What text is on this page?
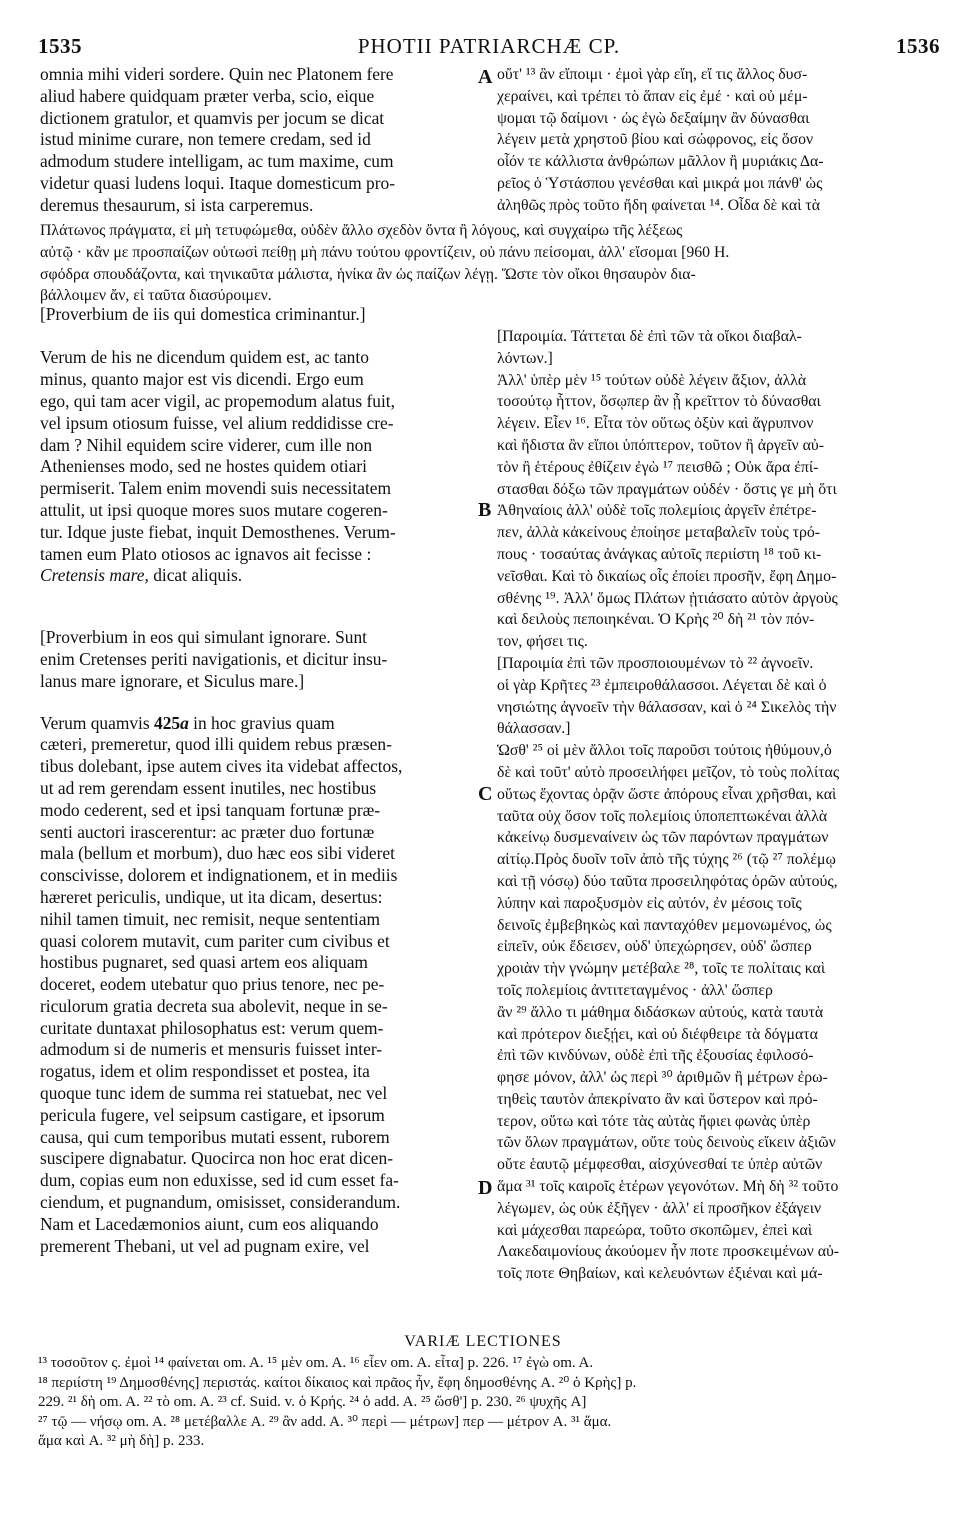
1535	PHOTII PATRIARCHÆ CP.	1536
omnia mihi videri sordere. Quin nec Platonem fere
aliud habere quidquam præter verba, scio, eique
dictionem gratulor, et quamvis per jocum se dicat
istud minime curare, non temere credam, sed id
admodum studere intelligam, ac tum maxime, cum
videtur quasi ludens loqui. Itaque domesticum pro-
deremus thesaurum, si ista carperemus.
[Proverbium de iis qui domestica criminantur.]
Verum de his ne dicendum quidem est, ac tanto
minus, quanto major est vis dicendi. Ergo eum
ego, qui tam acer vigil, ac propemodum alatus fuit,
vel ipsum otiosum fuisse, vel alium reddidisse cre-
dam ? Nihil equidem scire viderer, cum ille non
Athenienses modo, sed ne hostes quidem otiari
permiserit. Talem enim movendi suis necessitatem
attulit, ut ipsi quoque mores suos mutare cogeren-
tur. Idque juste fiebat, inquit Demosthenes. Verum-
tamen eum Plato otiosos ac ignavos ait fecisse :
Cretensis mare, dicat aliquis.
[Proverbium in eos qui simulant ignorare. Sunt
enim Cretenses periti navigationis, et dicitur insu-
lanus mare ignorare, et Siculus mare.]
Verum quamvis 425a in hoc gravius quam
cæteri, premeretur, quod illi quidem rebus præsen-
tibus dolebant, ipse autem cives ita videbat affectos,
ut ad rem gerendam essent inutiles, nec hostibus
modo cederent, sed et ipsi tanquam fortunæ præ-
senti auctori irascerentur: ac præter duo fortunæ
mala (bellum et morbum), duo hæc eos sibi videret
conscivisse, dolorem et indignationem, et in mediis
hæreret periculis, undique, ut ita dicam, desertus:
nihil tamen timuit, nec remisit, neque sententiam
quasi colorem mutavit, cum pariter cum civibus et
hostibus pugnaret, sed quasi artem eos aliquam
doceret, eodem utebatur quo prius tenore, nec pe-
riculorum gratia decreta sua abolevit, neque in se-
curitate duntaxat philosophatus est: verum quem-
admodum si de numeris et mensuris fuisset inter-
rogatus, idem et olim respondisset et postea, ita
quoque tunc idem de summa rei statuebat, nec vel
pericula fugere, vel seipsum castigare, et ipsorum
causa, qui cum temporibus mutati essent, ruborem
suscipere dignabatur. Quocirca non hoc erat dicen-
dum, copias eum non eduxisse, sed id cum esset fa-
ciendum, et pugnandum, omisisset, considerandum.
Nam et Lacedæmonios aiunt, cum eos aliquando
premerent Thebani, ut vel ad pugnam exire, vel
οὔτ' ¹³ ἂν εἴποιμι · ἐμοὶ γὰρ εἴη, εἴ τις ἄλλος δυσ-
χεραίνει, καὶ τρέπει τὸ ἅπαν εἰς ἐμέ · καὶ οὐ μέμ-
ψομαι τῷ δαίμονι · ὡς ἐγὼ δεξαίμην ἂν δύνασθαι
λέγειν μετὰ χρηστοῦ βίου καὶ σώφρονος, εἰς ὅσον
οἷόν τε κάλλιστα ἀνθρώπων μᾶλλον ἢ μυριάκις Δα-
ρεῖος ὁ Ὑστάσπου γενέσθαι καὶ μικρά μοι πάνθ' ὡς
ἀληθῶς πρὸς τοῦτο ἤδη φαίνεται ¹⁴. Οἶδα δὲ καὶ τὰ
Πλάτωνος πράγματα, εἰ μὴ τετυφώμεθα, οὐδὲν ἄλλο σχεδὸν ὄντα ἢ λόγους, καὶ συγχαίρω τῆς λέξεως
αὐτῷ · κἂν με προσπαίζων οὑτωσὶ πείθῃ μὴ πάνυ τούτου φροντίζειν, οὐ πάνυ πείσομαι, ἀλλ' εἴσομαι [960 H.
σφόδρα σπουδάζοντα, καὶ τηνικαῦτα μάλιστα, ἡνίκα ἂν ὡς παίζων λέγῃ. Ὥστε τὸν οἴκοι θησαυρὸν δια-
βάλλοιμεν ἄν, εἰ ταῦτα διασύροιμεν.
[Παροιμία. Τάττεται δὲ ἐπὶ τῶν τὰ οἴκοι διαβαλ-
λόντων.]
Ἀλλ' ὑπὲρ μὲν ¹⁵ τούτων οὐδὲ λέγειν ἄξιον, ἀλλὰ
τοσούτῳ ἧττον, ὅσῳπερ ἂν ᾖ κρεῖττον τὸ δύνασθαι
λέγειν. Εἶεν ¹⁶. Εἶτα τὸν οὕτως ὀξὺν καὶ ἄγρυπνον
καὶ ἥδιστα ἂν εἴποι ὑπόπτερον, τοῦτον ἢ ἀργεῖν αὐ-
τὸν ἢ ἑτέρους ἐθίζειν ἐγὼ ¹⁷ πεισθῶ ; Οὐκ ἄρα ἐπί-
στασθαι δόξω τῶν πραγμάτων οὐδέν · ὅστις γε μὴ ὅτι
Ἀθηναίοις ἀλλ' οὐδὲ τοῖς πολεμίοις ἀργεῖν ἐπέτρε-
πεν, ἀλλὰ κἀκείνους ἐποίησε μεταβαλεῖν τοὺς τρό-
πους · τοσαύτας ἀνάγκας αὐτοῖς περιίστη ¹⁸ τοῦ κι-
νεῖσθαι. Καὶ τὸ δικαίως οἷς ἐποίει προσῆν, ἔφη Δημο-
σθένης ¹⁹. Ἀλλ' ὅμως Πλάτων ᾐτιάσατο αὐτὸν ἀργοὺς
καὶ δειλοὺς πεποιηκέναι. Ὁ Κρὴς ²⁰ δὴ ²¹ τὸν πόν-
τον, φήσει τις.
[Παροιμία ἐπὶ τῶν προσποιουμένων τὸ ²² ἀγνοεῖν.
οἱ γὰρ Κρῆτες ²³ ἐμπειροθάλασσοι. Λέγεται δὲ καὶ ὁ
νησιώτης ἀγνοεῖν τὴν θάλασσαν, καὶ ὁ ²⁴ Σικελὸς τὴν
θάλασσαν.]
Ὡσθ' ²⁵ οἱ μὲν ἄλλοι τοῖς παροῦσι τούτοις ἠθύμουν,ὁ
δὲ καὶ τοῦτ' αὐτὸ προσειλήφει μεῖζον, τὸ τοὺς πολίτας
οὕτως ἔχοντας ὁρᾷν ὥστε ἀπόρους εἶναι χρῆσθαι, καὶ
ταῦτα οὐχ ὅσον τοῖς πολεμίοις ὑποπεπτωκέναι ἀλλὰ
κἀκείνῳ δυσμεναίνειν ὡς τῶν παρόντων πραγμάτων
αἰτίῳ.Πρὸς δυοῖν τοῖν ἀπὸ τῆς τύχης ²⁶ (τῷ ²⁷ πολέμῳ
καὶ τῇ νόσῳ) δύο ταῦτα προσειληφότας ὁρῶν αὐτούς,
λύπην καὶ παροξυσμὸν εἰς αὐτόν, ἐν μέσοις τοῖς
δεινοῖς ἐμβεβηκὼς καὶ πανταχόθεν μεμονωμένος, ὡς
εἰπεῖν, οὐκ ἔδεισεν, οὐδ' ὑπεχώρησεν, οὐδ' ὥσπερ
χροιὰν τὴν γνώμην μετέβαλε ²⁸, τοῖς τε πολίταις καὶ
τοῖς πολεμίοις ἀντιτεταγμένος · ἀλλ' ὥσπερ
ἂν ²⁹ ἄλλο τι μάθημα διδάσκων αὐτούς, κατὰ ταυτὰ
καὶ πρότερον διεξῄει, καὶ οὐ διέφθειρε τὰ δόγματα
ἐπὶ τῶν κινδύνων, οὐδὲ ἐπὶ τῆς ἐξουσίας ἐφιλοσό-
φησε μόνον, ἀλλ' ὡς περὶ ³⁰ ἀριθμῶν ἢ μέτρων ἐρω-
τηθεὶς ταυτὸν ἀπεκρίνατο ἂν καὶ ὕστερον καὶ πρό-
τερον, οὕτω καὶ τότε τὰς αὐτὰς ἤφιει φωνὰς ὑπὲρ
τῶν ὅλων πραγμάτων, οὔτε τοὺς δεινοὺς εἴκειν ἀξιῶν
οὔτε ἑαυτῷ μέμφεσθαι, αἰσχύνεσθαί τε ὑπὲρ αὐτῶν
ἅμα ³¹ τοῖς καιροῖς ἑτέρων γεγονότων. Μὴ δὴ ³² τοῦτο
λέγωμεν, ὡς οὐκ ἐξῆγεν · ἀλλ' εἰ προσῆκον ἐξάγειν
καὶ μάχεσθαι παρεώρα, τοῦτο σκοπῶμεν, ἐπεὶ καὶ
Λακεδαιμονίους ἀκούομεν ἦν ποτε προσκειμένων αὐ-
τοῖς ποτε Θηβαίων, καὶ κελευόντων ἐξιέναι καὶ μά-
A
B
C
D
VARIÆ LECTIONES
¹³ τοσοῦτον ς. ἐμοὶ ¹⁴ φαίνεται om. A. ¹⁵ μὲν om. A. ¹⁶ εἶεν om. A. εἶτα] p. 226. ¹⁷ ἐγὼ om. A.
¹⁸ περιίστη ¹⁹ Δημοσθένης] περιστάς. καίτοι δίκαιος καὶ πρᾶος ἦν, ἔφη δημοσθένης A. ²⁰ ὁ Κρὴς] p.
229. ²¹ δὴ om. A. ²² τὸ om. A. ²³ cf. Suid. v. ὁ Κρής. ²⁴ ὁ add. A. ²⁵ ὥσθ'] p. 230. ²⁶ ψυχῆς A]
²⁷ τῷ — νήσῳ om. A. ²⁸ μετέβαλλε A. ²⁹ ἂν add. A. ³⁰ περὶ — μέτρων] περ — μέτρον A. ³¹ ἅμα.
ἅμα καὶ A. ³² μὴ δὴ] p. 233.
